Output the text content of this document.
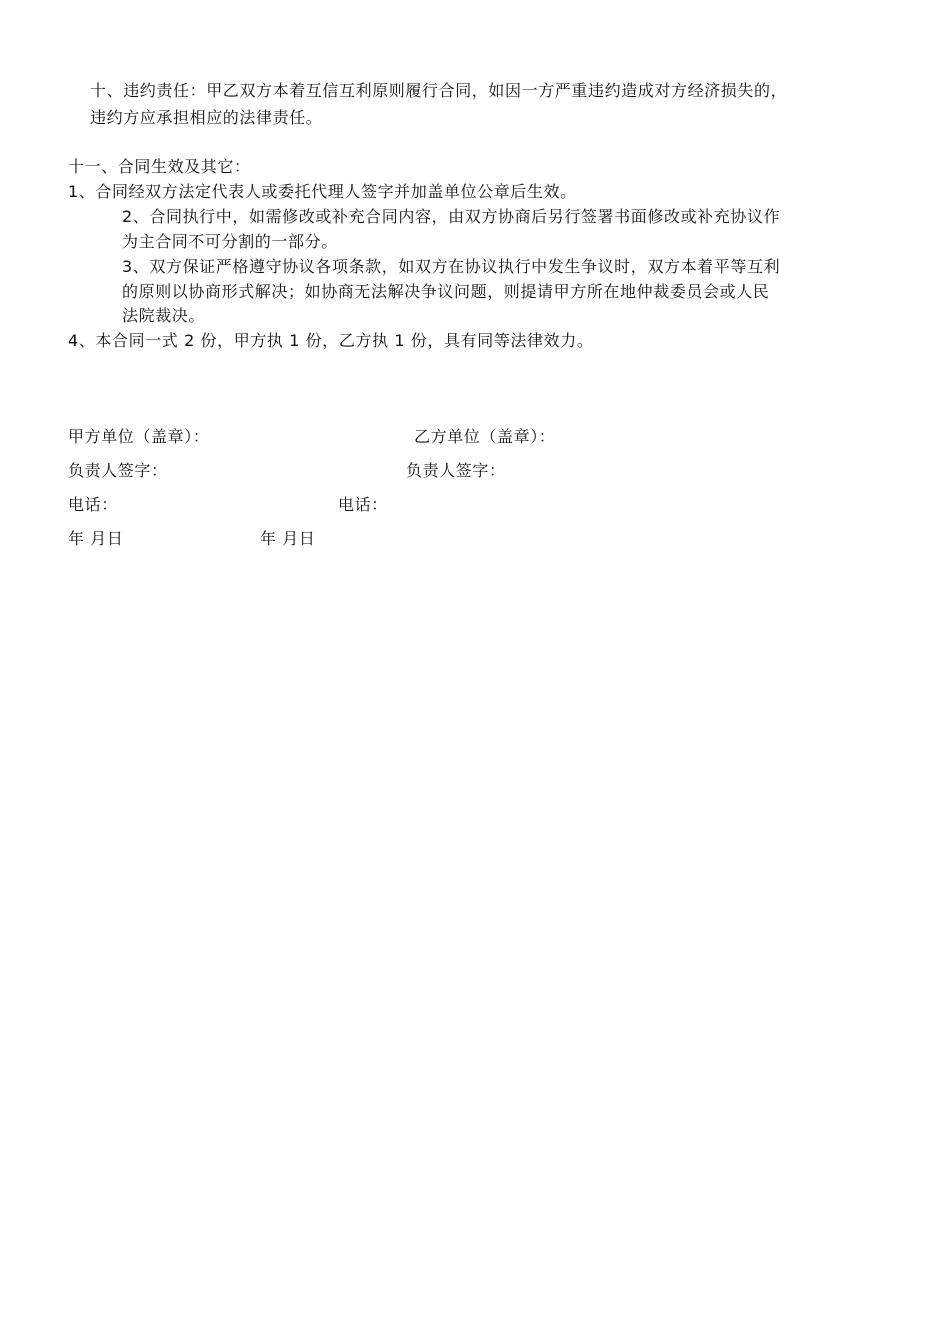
十、违约责任：甲乙双方本着互信互利原则履行合同，如因一方严重违约造成对方经济损失的，
违约方应承担相应的法律责任。
十一、合同生效及其它：
1、合同经双方法定代表人或委托代理人签字并加盖单位公章后生效。
2、合同执行中，如需修改或补充合同内容，由双方协商后另行签署书面修改或补充协议作
为主合同不可分割的一部分。
3、双方保证严格遵守协议各项条款，如双方在协议执行中发生争议时，双方本着平等互利
的原则以协商形式解决；如协商无法解决争议问题，则提请甲方所在地仲裁委员会或人民
法院裁决。
4、本合同一式 2 份，甲方执 1 份，乙方执 1 份，具有同等法律效力。
甲方单位（盖章）：	乙方单位（盖章）：
负责人签字：	负责人签字：
电话：	电话：
年 月日	年 月日
